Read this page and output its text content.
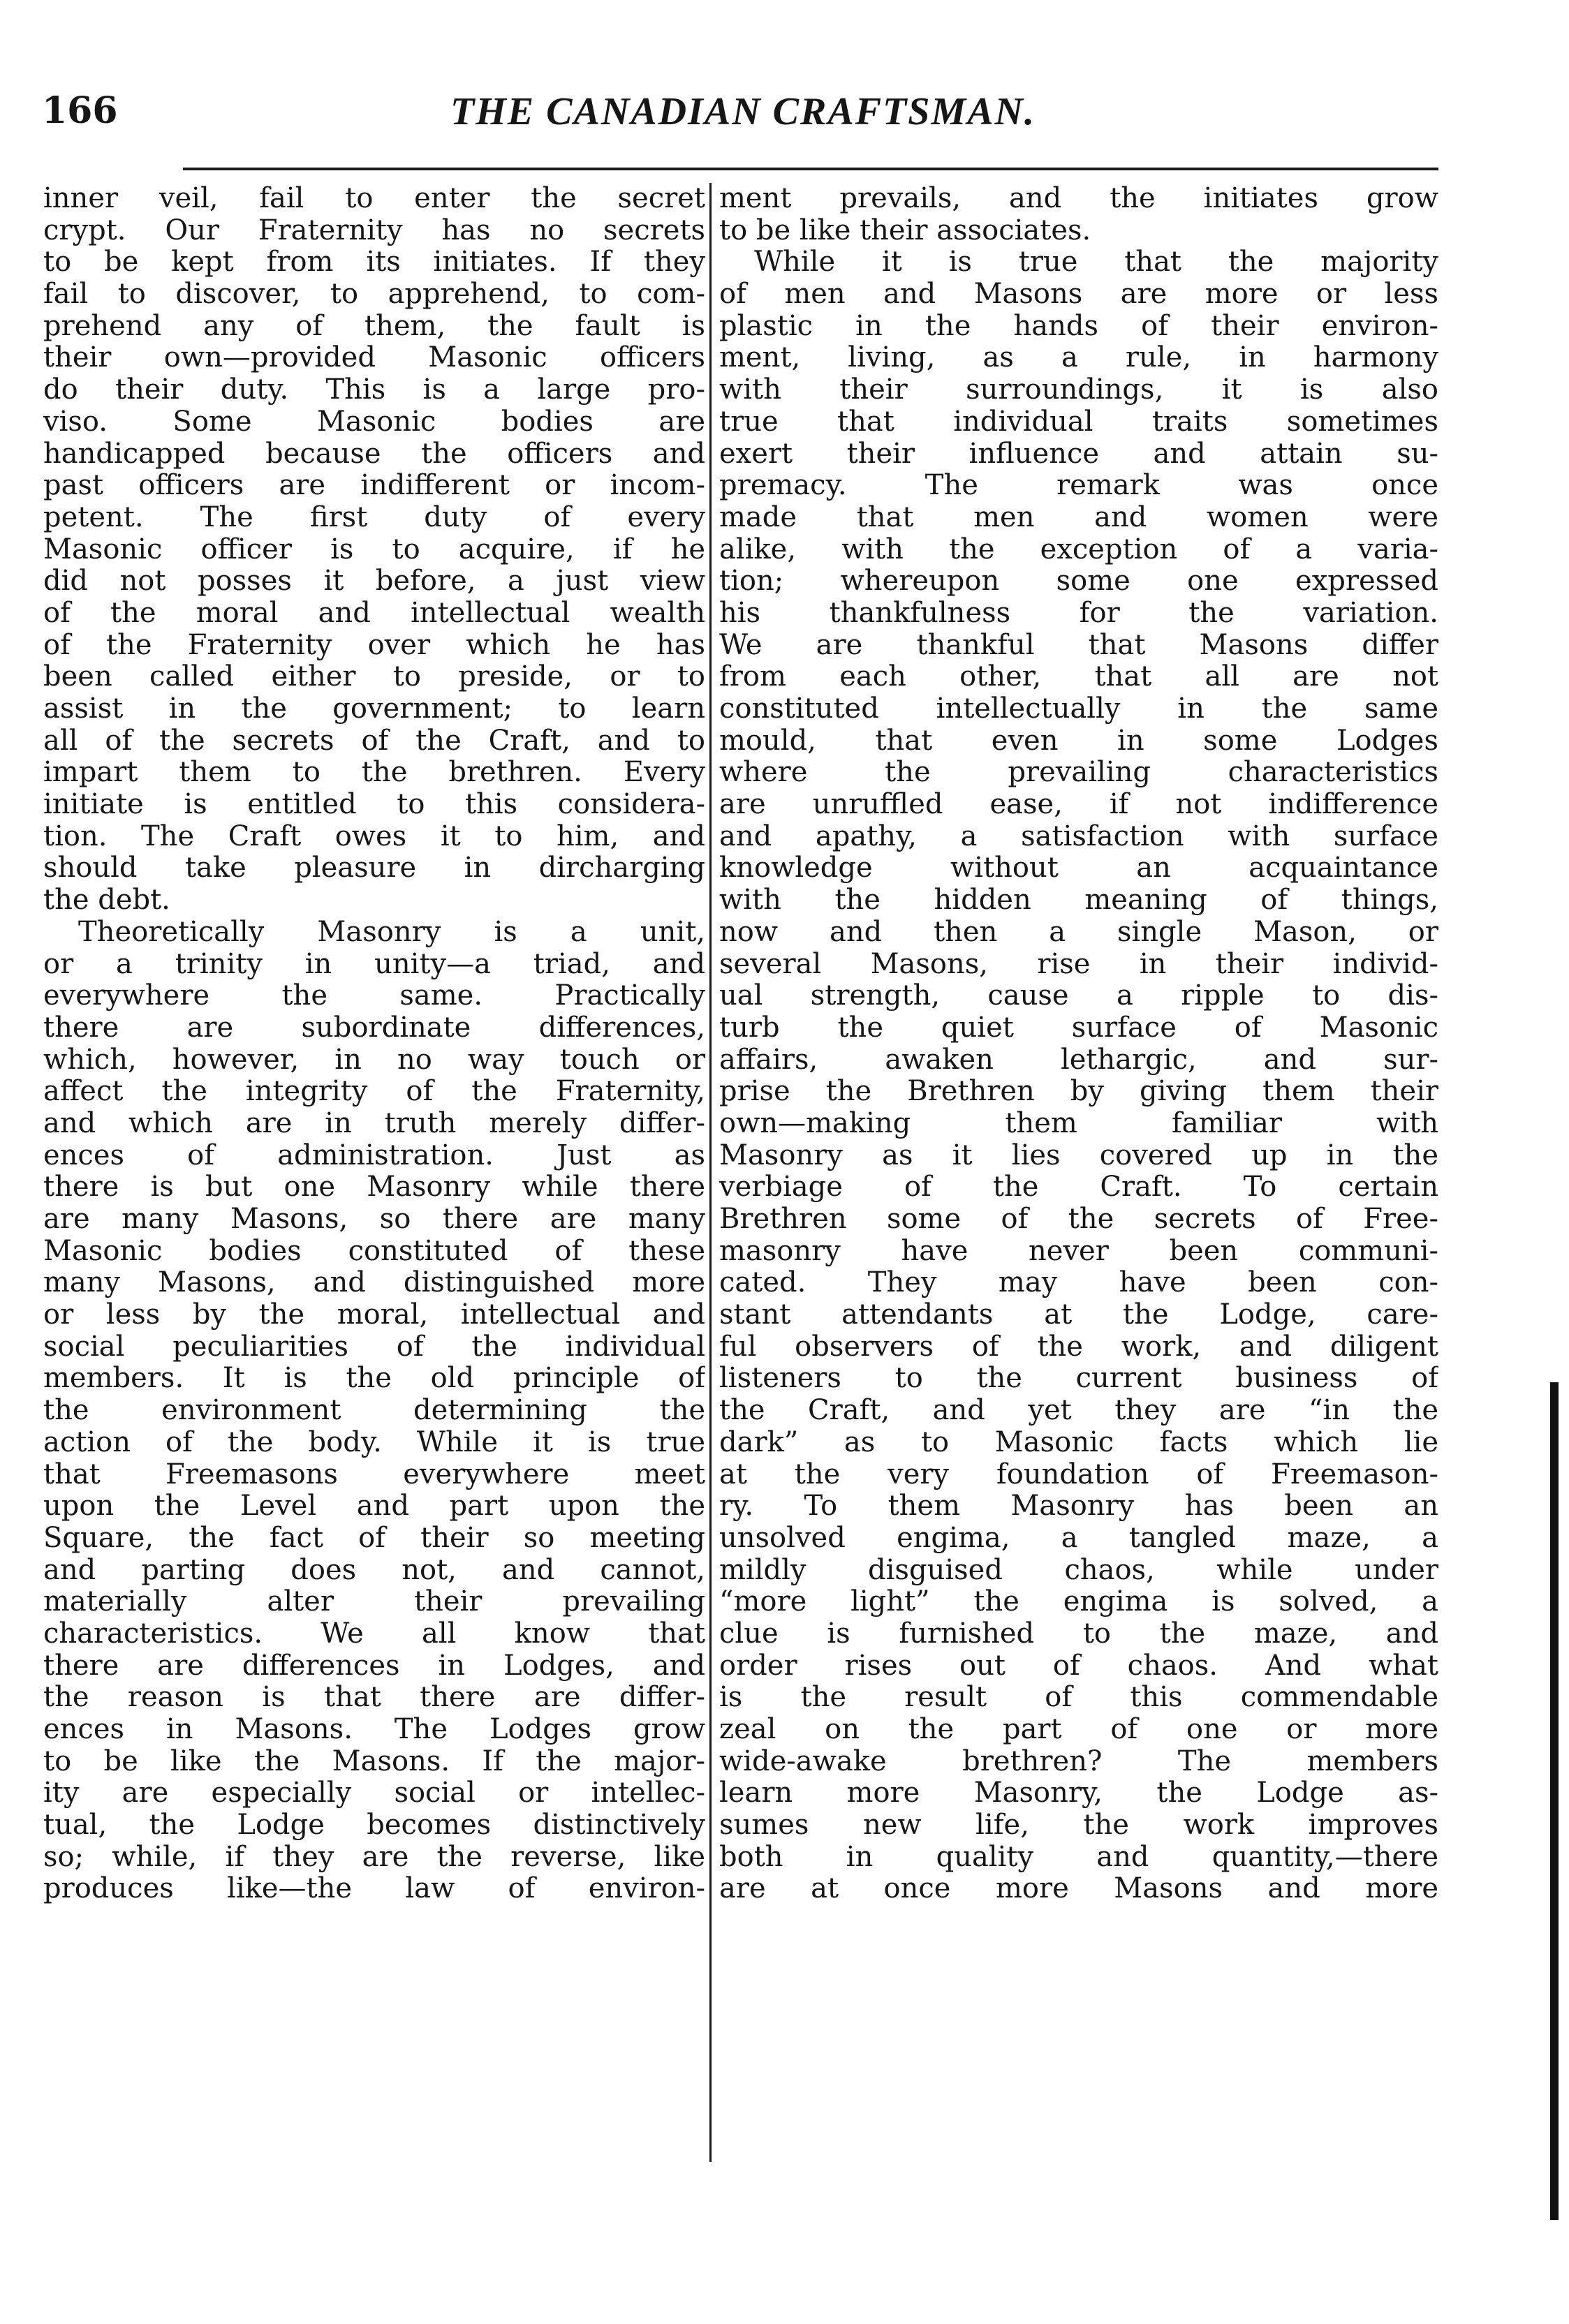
166	THE CANADIAN CRAFTSMAN.
inner veil, fail to enter the secret
crypt. Our Fraternity has no secrets
to be kept from its initiates. If they
fail to discover, to apprehend, to com-
prehend any of them, the fault is
their own—provided Masonic officers
do their duty. This is a large pro-
viso. Some Masonic bodies are
handicapped because the officers and
past officers are indifferent or incom-
petent. The first duty of every
Masonic officer is to acquire, if he
did not posses it before, a just view
of the moral and intellectual wealth
of the Fraternity over which he has
been called either to preside, or to
assist in the government; to learn
all of the secrets of the Craft, and to
impart them to the brethren. Every
initiate is entitled to this considera-
tion. The Craft owes it to him, and
should take pleasure in dircharging
the debt.
Theoretically Masonry is a unit,
or a trinity in unity—a triad, and
everywhere the same. Practically
there are subordinate differences,
which, however, in no way touch or
affect the integrity of the Fraternity,
and which are in truth merely differ-
ences of administration. Just as
there is but one Masonry while there
are many Masons, so there are many
Masonic bodies constituted of these
many Masons, and distinguished more
or less by the moral, intellectual and
social peculiarities of the individual
members. It is the old principle of
the environment determining the
action of the body. While it is true
that Freemasons everywhere meet
upon the Level and part upon the
Square, the fact of their so meeting
and parting does not, and cannot,
materially alter their prevailing
characteristics. We all know that
there are differences in Lodges, and
the reason is that there are differ-
ences in Masons. The Lodges grow
to be like the Masons. If the major-
ity are especially social or intellec-
tual, the Lodge becomes distinctively
so; while, if they are the reverse, like
produces like—the law of environ-
ment prevails, and the initiates grow
to be like their associates.
While it is true that the majority
of men and Masons are more or less
plastic in the hands of their environ-
ment, living, as a rule, in harmony
with their surroundings, it is also
true that individual traits sometimes
exert their influence and attain su-
premacy. The remark was once
made that men and women were
alike, with the exception of a varia-
tion; whereupon some one expressed
his thankfulness for the variation.
We are thankful that Masons differ
from each other, that all are not
constituted intellectually in the same
mould, that even in some Lodges
where the prevailing characteristics
are unruffled ease, if not indifference
and apathy, a satisfaction with surface
knowledge without an acquaintance
with the hidden meaning of things,
now and then a single Mason, or
several Masons, rise in their individ-
ual strength, cause a ripple to dis-
turb the quiet surface of Masonic
affairs, awaken lethargic, and sur-
prise the Brethren by giving them their
own—making them familiar with
Masonry as it lies covered up in the
verbiage of the Craft. To certain
Brethren some of the secrets of Free-
masonry have never been communi-
cated. They may have been con-
stant attendants at the Lodge, care-
ful observers of the work, and diligent
listeners to the current business of
the Craft, and yet they are “in the
dark” as to Masonic facts which lie
at the very foundation of Freemason-
ry. To them Masonry has been an
unsolved engima, a tangled maze, a
mildly disguised chaos, while under
“more light” the engima is solved, a
clue is furnished to the maze, and
order rises out of chaos. And what
is the result of this commendable
zeal on the part of one or more
wide-awake brethren? The members
learn more Masonry, the Lodge as-
sumes new life, the work improves
both in quality and quantity,—there
are at once more Masons and more
